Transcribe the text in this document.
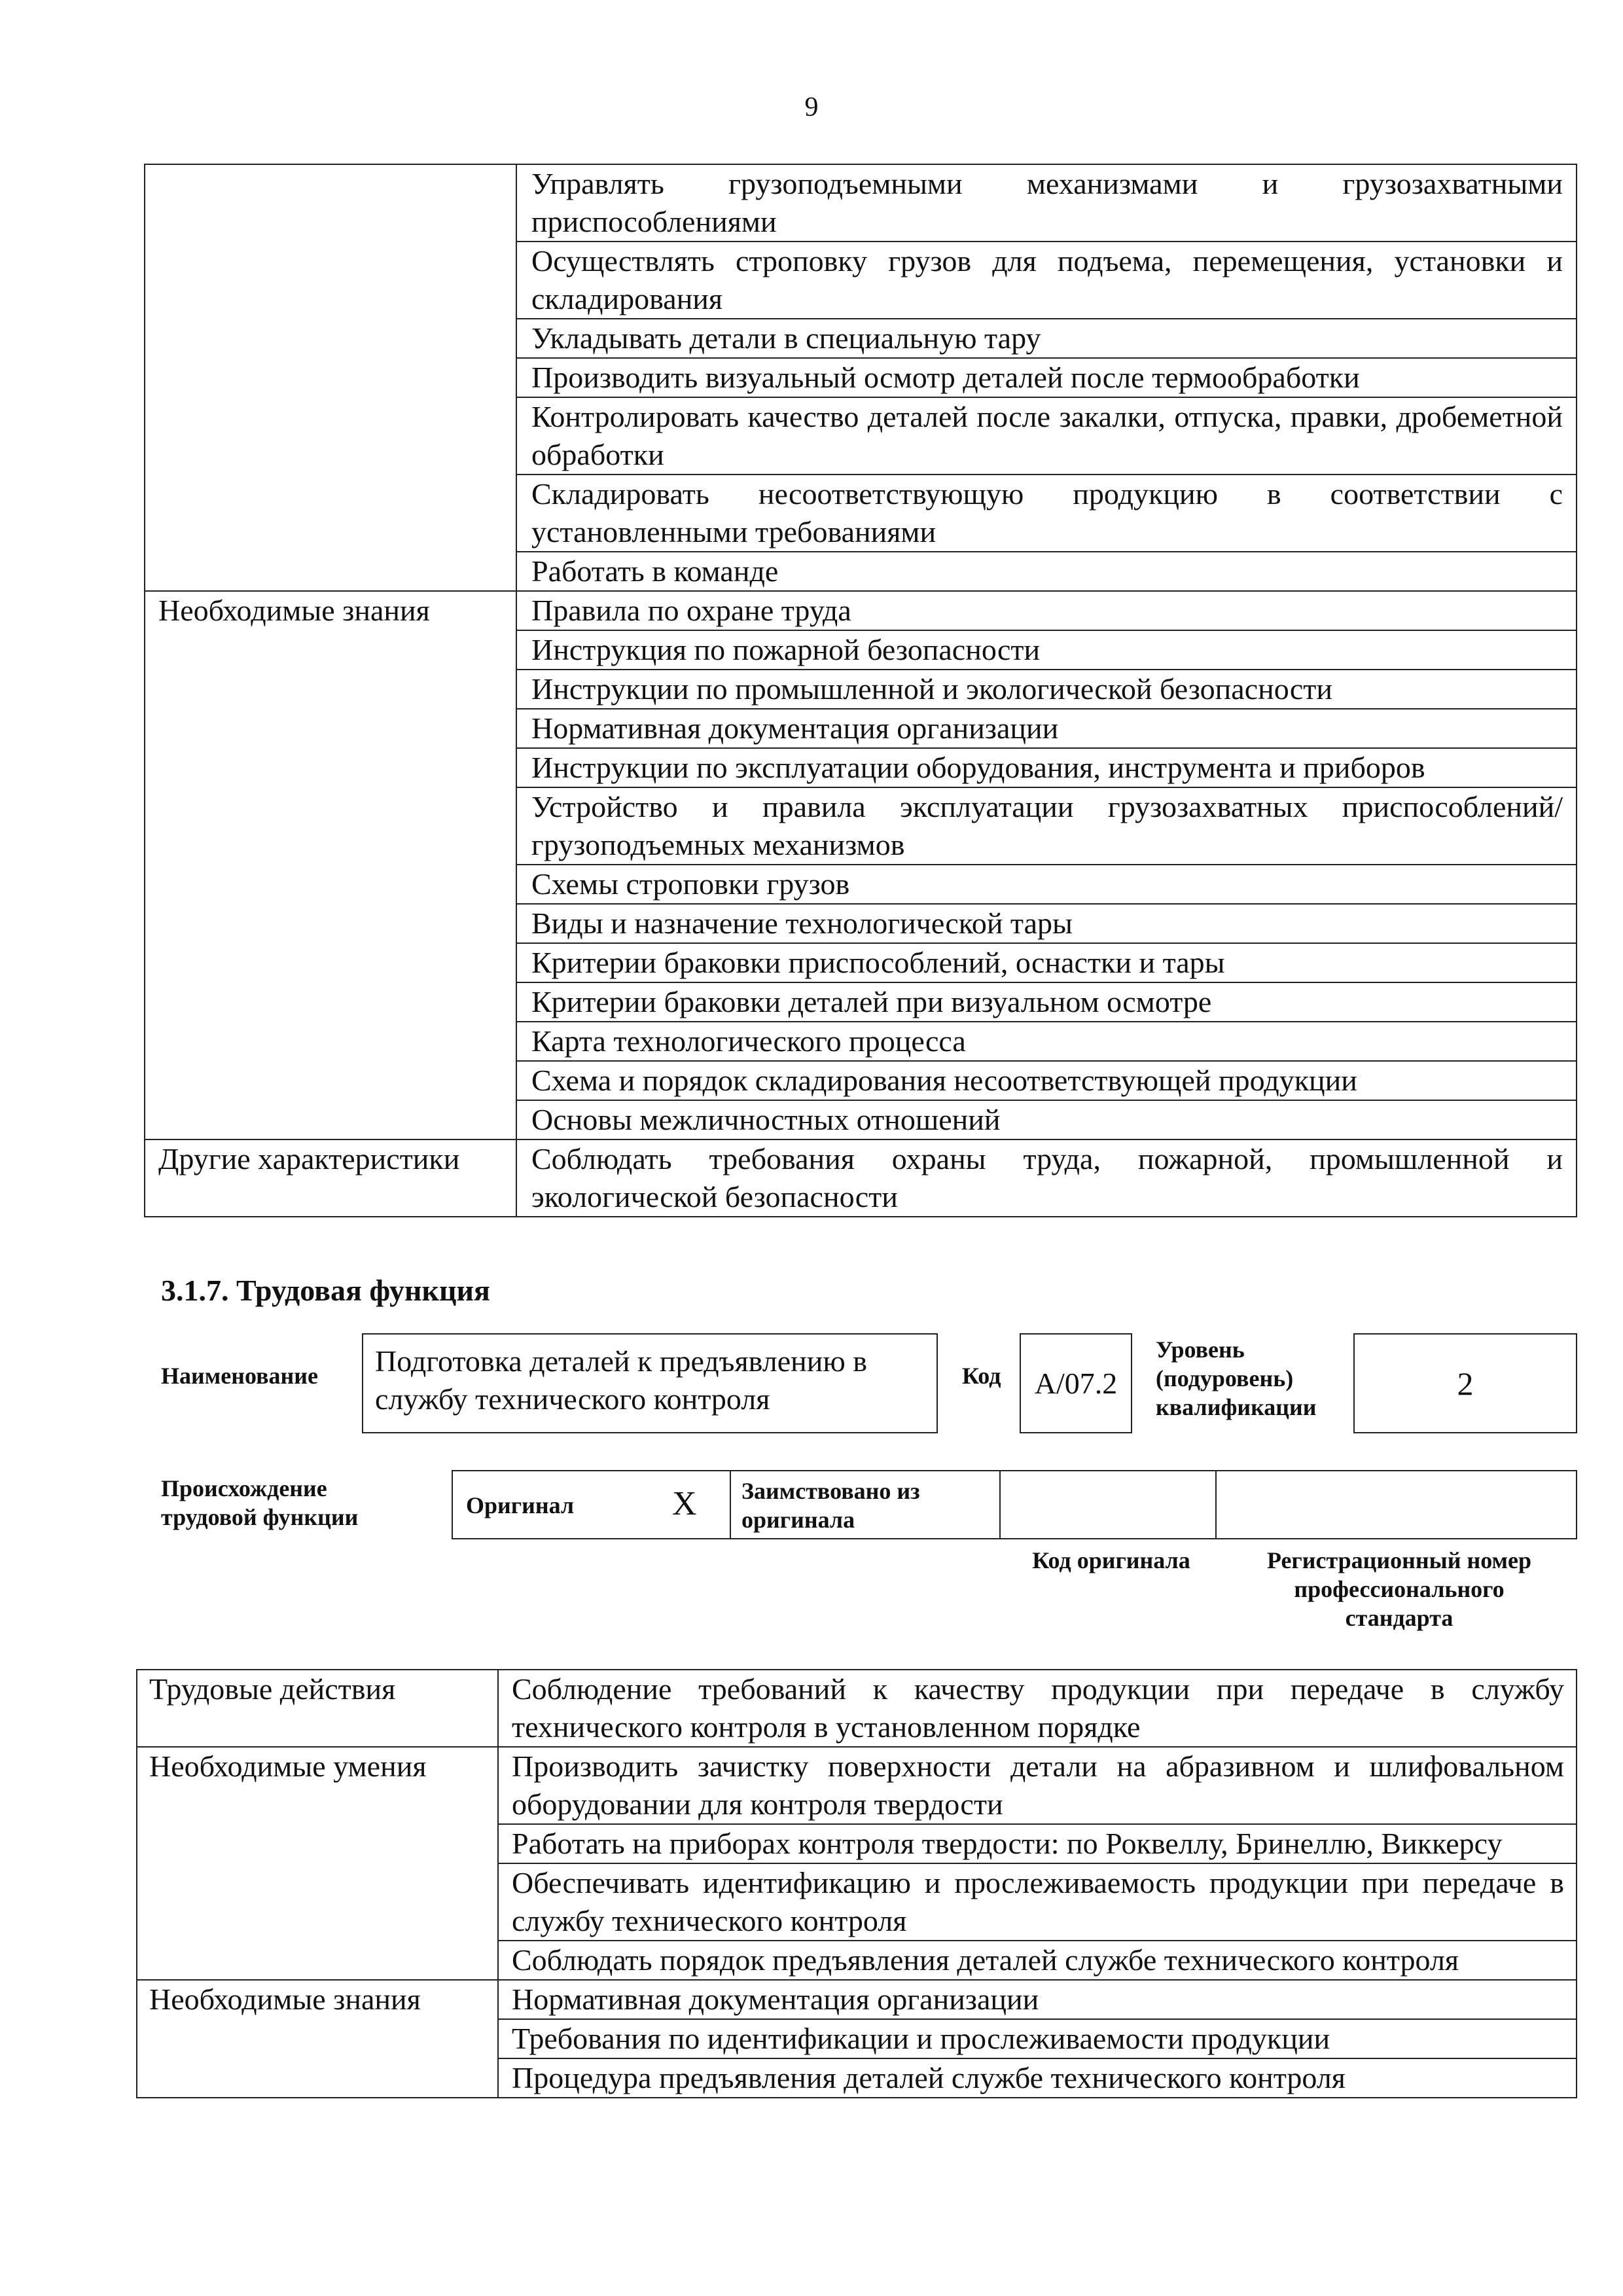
9
	Управлять грузоподъемными механизмами и грузозахватными приспособлениями
	Осуществлять строповку грузов для подъема, перемещения, установки и складирования
	Укладывать детали в специальную тару
	Производить визуальный осмотр деталей после термообработки
	Контролировать качество деталей после закалки, отпуска, правки, дробеметной обработки
	Складировать несоответствующую продукцию в соответствии с установленными требованиями
	Работать в команде
Необходимые знания	Правила по охране труда
	Инструкция по пожарной безопасности
	Инструкции по промышленной и экологической безопасности
	Нормативная документация организации
	Инструкции по эксплуатации оборудования, инструмента и приборов
	Устройство и правила эксплуатации грузозахватных приспособлений/грузоподъемных механизмов
	Схемы строповки грузов
	Виды и назначение технологической тары
	Критерии браковки приспособлений, оснастки и тары
	Критерии браковки деталей при визуальном осмотре
	Карта технологического процесса
	Схема и порядок складирования несоответствующей продукции
	Основы межличностных отношений
Другие характеристики	Соблюдать требования охраны труда, пожарной, промышленной и экологической безопасности
3.1.7. Трудовая функция
Наименование	Подготовка деталей к предъявлению в службу технического контроля
Код	А/07.2
Уровень
(подуровень)
квалификации
2
Происхождение
трудовой функции	Оригинал	X Заимствовано из
оригинала
Код оригинала	Регистрационный номер
профессионального
стандарта
Трудовые действия	Соблюдение требований к качеству продукции при передаче в службу технического контроля в установленном порядке
Необходимые умения	Производить зачистку поверхности детали на абразивном и шлифовальном оборудовании для контроля твердости
	Работать на приборах контроля твердости: по Роквеллу, Бринеллю, Виккерсу
	Обеспечивать идентификацию и прослеживаемость продукции при передаче в службу технического контроля
	Соблюдать порядок предъявления деталей службе технического контроля
Необходимые знания	Нормативная документация организации
	Требования по идентификации и прослеживаемости продукции
	Процедура предъявления деталей службе технического контроля
